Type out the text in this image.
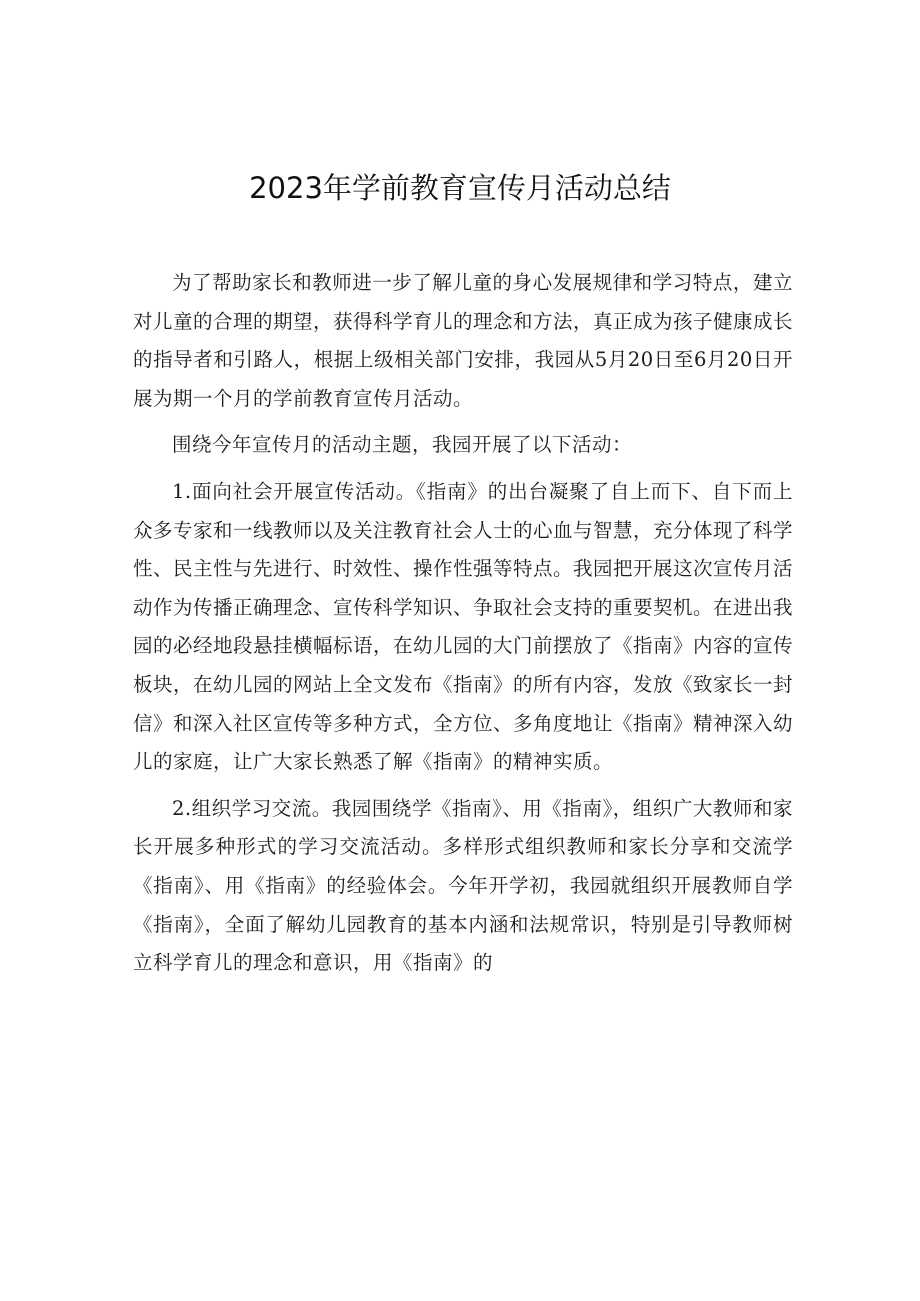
2023年学前教育宣传月活动总结

为了帮助家长和教师进一步了解儿童的身心发展规律和学习特点，建立对儿童的合理的期望，获得科学育儿的理念和方法，真正成为孩子健康成长的指导者和引路人，根据上级相关部门安排，我园从5月20日至6月20日开展为期一个月的学前教育宣传月活动。

围绕今年宣传月的活动主题，我园开展了以下活动：

1.面向社会开展宣传活动。《指南》的出台凝聚了自上而下、自下而上众多专家和一线教师以及关注教育社会人士的心血与智慧，充分体现了科学性、民主性与先进行、时效性、操作性强等特点。我园把开展这次宣传月活动作为传播正确理念、宣传科学知识、争取社会支持的重要契机。在进出我园的必经地段悬挂横幅标语，在幼儿园的大门前摆放了《指南》内容的宣传板块，在幼儿园的网站上全文发布《指南》的所有内容，发放《致家长一封信》和深入社区宣传等多种方式，全方位、多角度地让《指南》精神深入幼儿的家庭，让广大家长熟悉了解《指南》的精神实质。

2.组织学习交流。我园围绕学《指南》、用《指南》，组织广大教师和家长开展多种形式的学习交流活动。多样形式组织教师和家长分享和交流学《指南》、用《指南》的经验体会。今年开学初，我园就组织开展教师自学《指南》，全面了解幼儿园教育的基本内涵和法规常识，特别是引导教师树立科学育儿的理念和意识，用《指南》的
